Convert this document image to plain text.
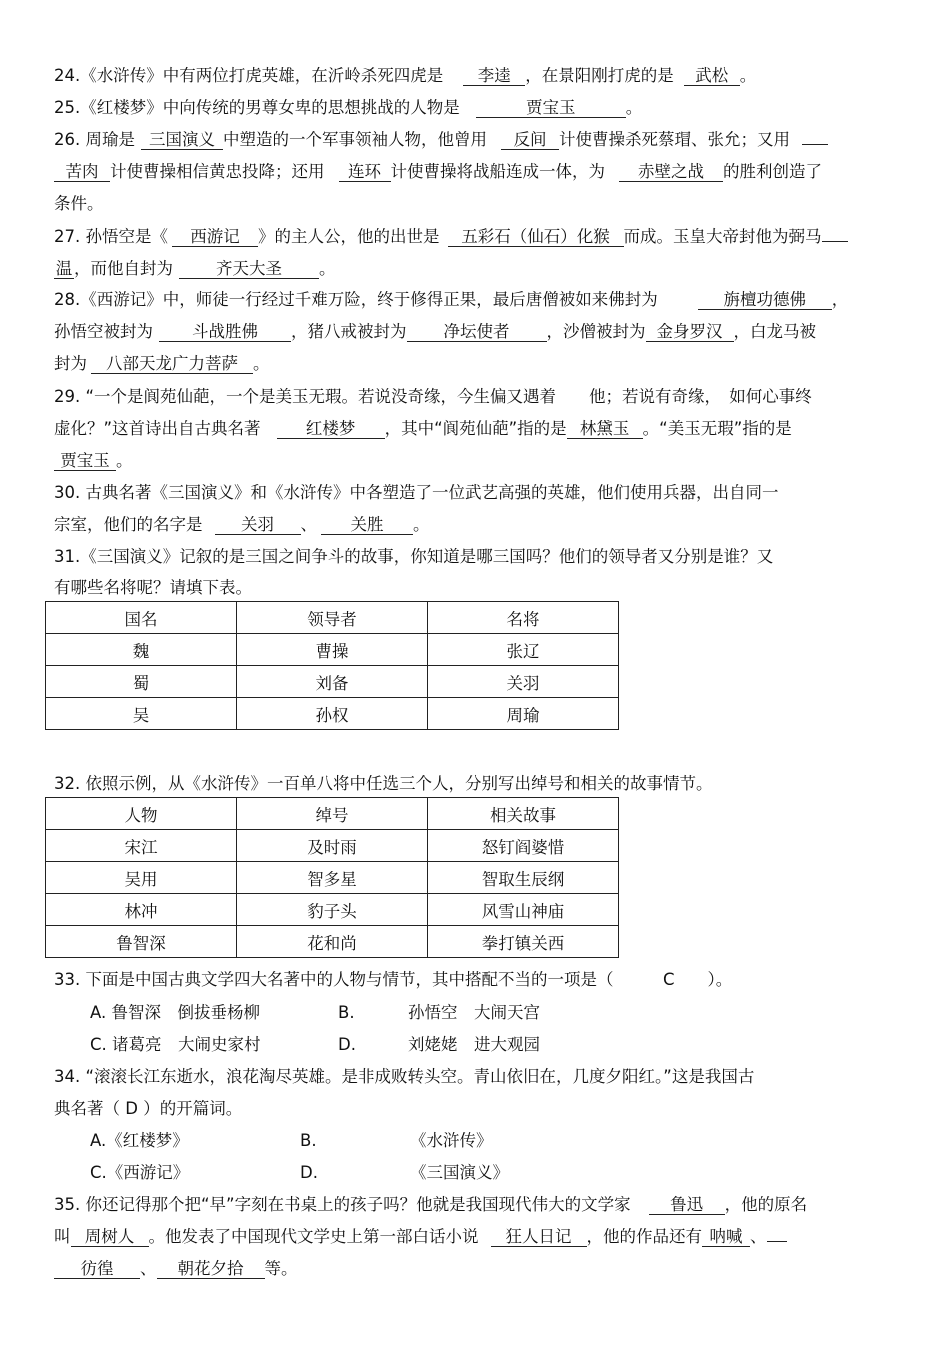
24.《水浒传》中有两位打虎英雄，在沂岭杀死四虎是 李逵 ，在景阳刚打虎的是 武松 。
25.《红楼梦》中向传统的男尊女卑的思想挑战的人物是	贾宝玉	。
26. 周瑜是 三国演义 中塑造的一个军事领袖人物，他曾用 反间 计使曹操杀死蔡瑁、张允；又用
苦肉 计使曹操相信黄忠投降；还用 连环 计使曹操将战船连成一体，为 赤壁之战 的胜利创造了
条件。
27. 孙悟空是《 西游记 》的主人公，他的出世是 五彩石（仙石）化猴 而成。玉皇大帝封他为弼马
温 ，而他自封为	齐天大圣 。
28.《西游记》中，师徒一行经过千难万险，终于修得正果，最后唐僧被如来佛封为	旃檀功德佛 ，
孙悟空被封为 斗战胜佛 ，猪八戒被封为 净坛使者 ，沙僧被封为 金身罗汉 ，白龙马被
封为 八部天龙广力菩萨 。
29. “一个是阆苑仙葩，一个是美玉无瑕。若说没奇缘，今生偏又遇着　　他；若说有奇缘，　如何心事终
虚化？”这首诗出自古典名著	红楼梦 ，其中“阆苑仙葩”指的是 林黛玉 。“美玉无瑕”指的是
贾宝玉 。
30. 古典名著《三国演义》和《水浒传》中各塑造了一位武艺高强的英雄，他们使用兵器，出自同一
宗室，他们的名字是 关羽 、 关胜 。
31.《三国演义》记叙的是三国之间争斗的故事，你知道是哪三国吗？他们的领导者又分别是谁？又
有哪些名将呢？请填下表。
国名	领导者	名将
魏	曹操	张辽
蜀	刘备	关羽
吴	孙权	周瑜
32. 依照示例，从《水浒传》一百单八将中任选三个人，分别写出绰号和相关的故事情节。
人物	绰号	相关故事
宋江	及时雨	怒钉阎婆惜
吴用	智多星	智取生辰纲
林冲	豹子头	风雪山神庙
鲁智深	花和尚	拳打镇关西
33. 下面是中国古典文学四大名著中的人物与情节，其中搭配不当的一项是（　　　C　　）。
A. 鲁智深　倒拔垂杨柳	B.	孙悟空　大闹天宫
C. 诸葛亮　大闹史家村	D.	刘姥姥　进大观园
34. “滚滚长江东逝水，浪花淘尽英雄。是非成败转头空。青山依旧在，几度夕阳红。”这是我国古
典名著（ D ）的开篇词。
A.《红楼梦》	B.	《水浒传》
C.《西游记》	D.	《三国演义》
35. 你还记得那个把“早”字刻在书桌上的孩子吗？他就是我国现代伟大的文学家 鲁迅 ，他的原名
叫 周树人 。他发表了中国现代文学史上第一部白话小说 狂人日记 ，他的作品还有 呐喊 、
彷徨 、 朝花夕拾 等。
